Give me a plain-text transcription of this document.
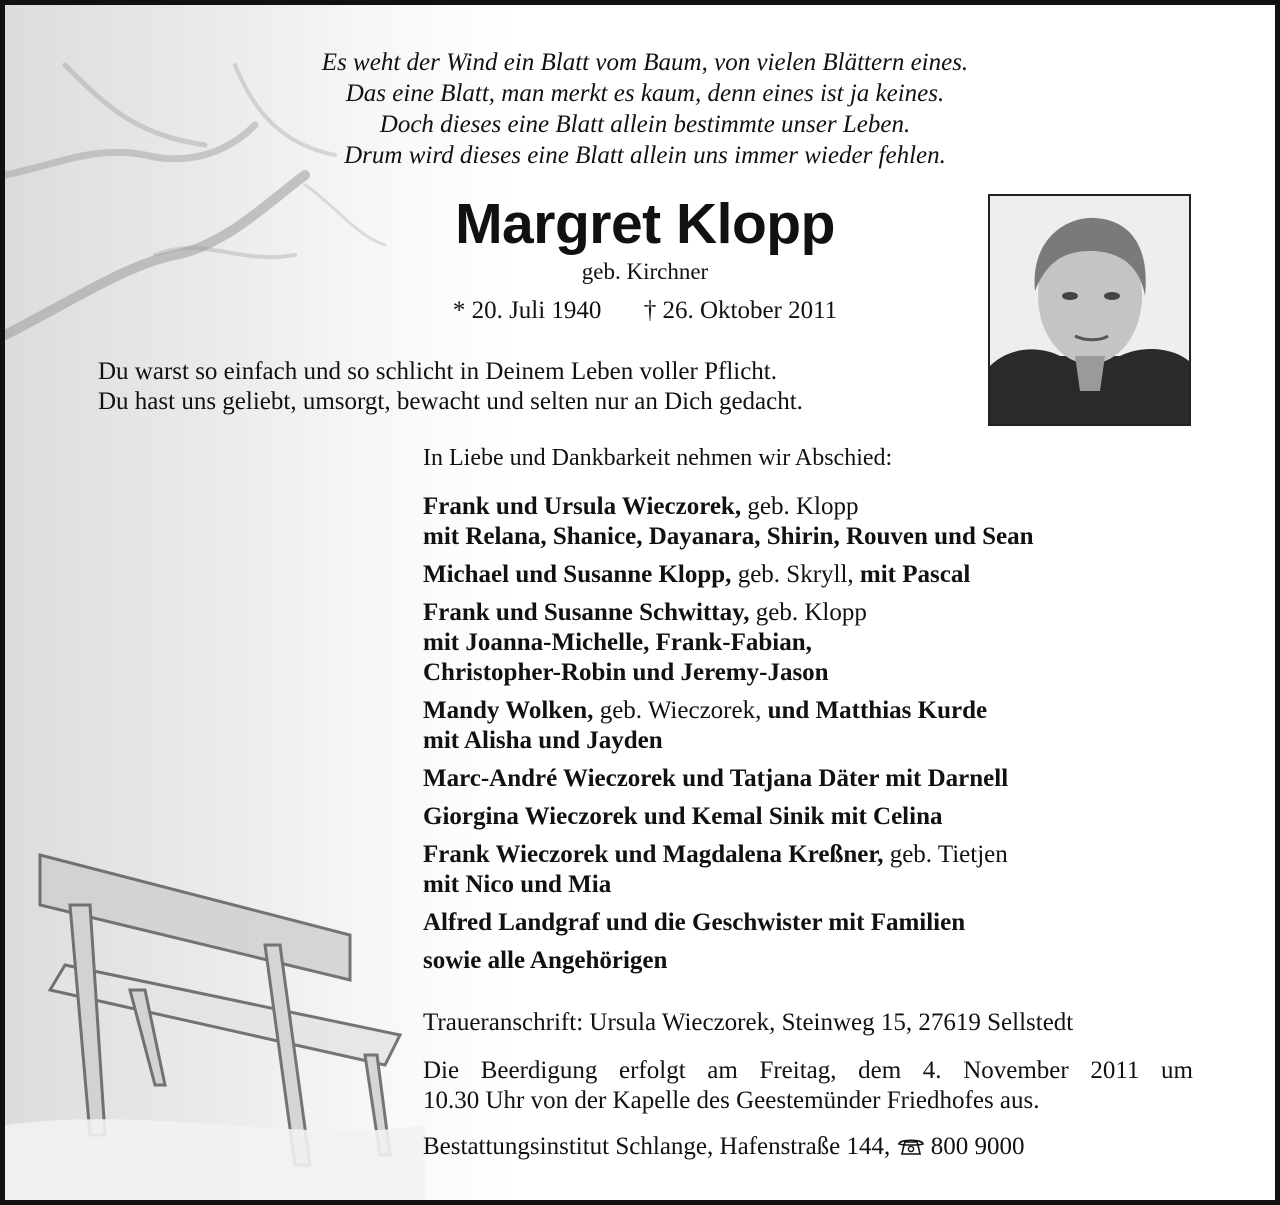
Es weht der Wind ein Blatt vom Baum, von vielen Blättern eines.
Das eine Blatt, man merkt es kaum, denn eines ist ja keines.
Doch dieses eine Blatt allein bestimmte unser Leben.
Drum wird dieses eine Blatt allein uns immer wieder fehlen.
Margret Klopp
geb. Kirchner
* 20. Juli 1940 † 26. Oktober 2011
Du warst so einfach und so schlicht in Deinem Leben voller Pflicht.
Du hast uns geliebt, umsorgt, bewacht und selten nur an Dich gedacht.
In Liebe und Dankbarkeit nehmen wir Abschied:
Frank und Ursula Wieczorek, geb. Klopp
mit Relana, Shanice, Dayanara, Shirin, Rouven und Sean
Michael und Susanne Klopp, geb. Skryll, mit Pascal
Frank und Susanne Schwittay, geb. Klopp
mit Joanna-Michelle, Frank-Fabian,
Christopher-Robin und Jeremy-Jason
Mandy Wolken, geb. Wieczorek, und Matthias Kurde
mit Alisha und Jayden
Marc-André Wieczorek und Tatjana Däter mit Darnell
Giorgina Wieczorek und Kemal Sinik mit Celina
Frank Wieczorek und Magdalena Kreßner, geb. Tietjen
mit Nico und Mia
Alfred Landgraf und die Geschwister mit Familien
sowie alle Angehörigen
Traueranschrift: Ursula Wieczorek, Steinweg 15, 27619 Sellstedt
Die Beerdigung erfolgt am Freitag, dem 4. November 2011 um
10.30 Uhr von der Kapelle des Geestemünder Friedhofes aus.
Bestattungsinstitut Schlange, Hafenstraße 144, 800 9000
